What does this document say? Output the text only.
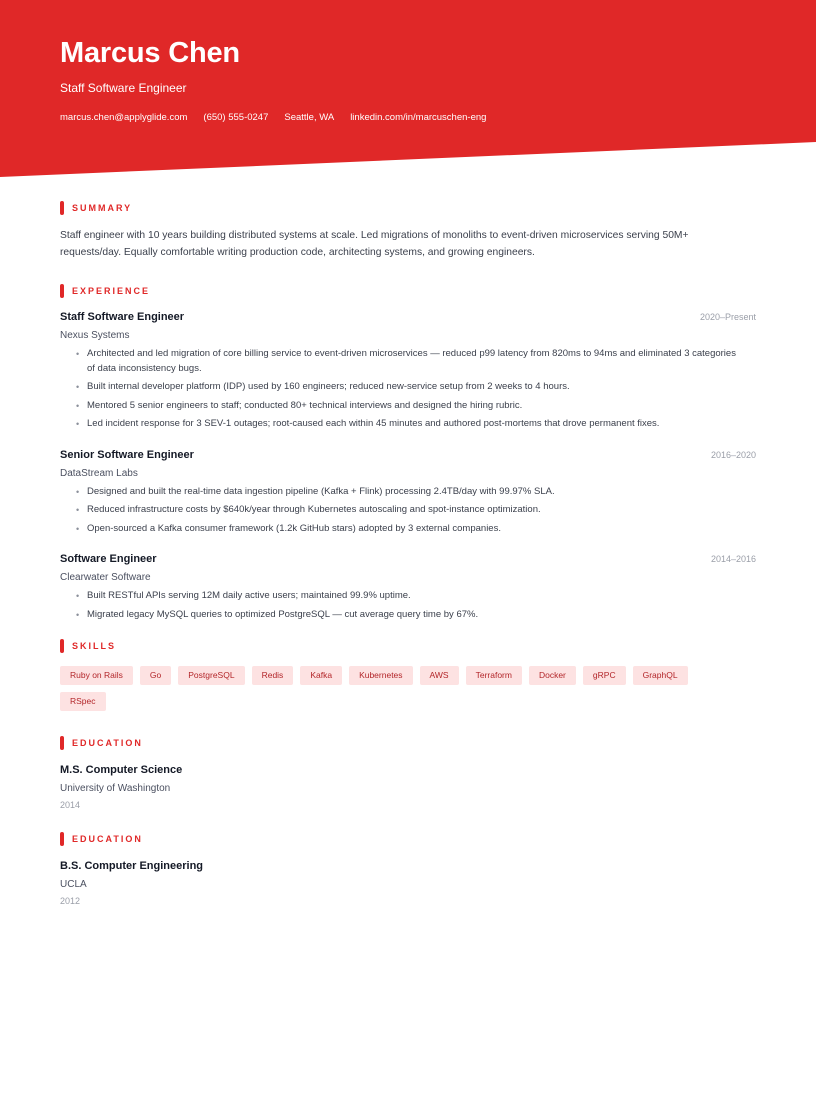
Marcus Chen
Staff Software Engineer
marcus.chen@applyglide.com (650) 555-0247 Seattle, WA linkedin.com/in/marcuschen-eng
SUMMARY

Staff engineer with 10 years building distributed systems at scale. Led migrations of monoliths to event-driven microservices serving 50M+ requests/day. Equally comfortable writing production code, architecting systems, and growing engineers.

EXPERIENCE
Staff Software Engineer	2020–Present
Nexus Systems
• Architected and led migration of core billing service to event-driven microservices — reduced p99 latency from 820ms to 94ms and eliminated 3 categories of data inconsistency bugs.
• Built internal developer platform (IDP) used by 160 engineers; reduced new-service setup from 2 weeks to 4 hours.
• Mentored 5 senior engineers to staff; conducted 80+ technical interviews and designed the hiring rubric.
• Led incident response for 3 SEV-1 outages; root-caused each within 45 minutes and authored post-mortems that drove permanent fixes.
Senior Software Engineer	2016–2020
DataStream Labs
• Designed and built the real-time data ingestion pipeline (Kafka + Flink) processing 2.4TB/day with 99.97% SLA.
• Reduced infrastructure costs by $640k/year through Kubernetes autoscaling and spot-instance optimization.
• Open-sourced a Kafka consumer framework (1.2k GitHub stars) adopted by 3 external companies.
Software Engineer	2014–2016
Clearwater Software
• Built RESTful APIs serving 12M daily active users; maintained 99.9% uptime.
• Migrated legacy MySQL queries to optimized PostgreSQL — cut average query time by 67%.
SKILLS
Ruby on Rails	Go	PostgreSQL	Redis	Kafka	Kubernetes	AWS	Terraform	Docker	gRPC	GraphQL
RSpec
EDUCATION
M.S. Computer Science
University of Washington
2014
EDUCATION
B.S. Computer Engineering
UCLA
2012
